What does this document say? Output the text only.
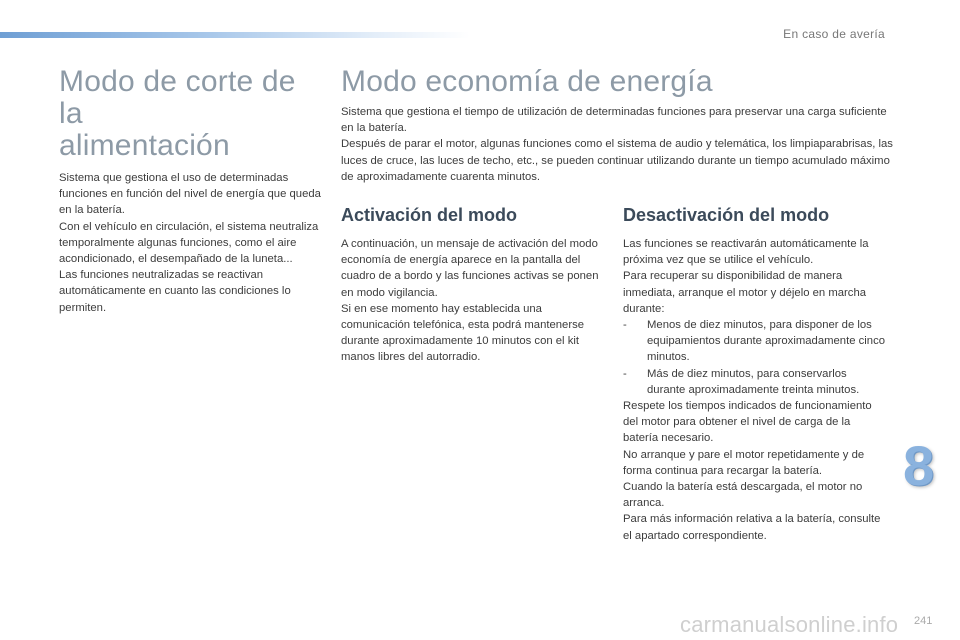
En caso de avería
Modo de corte de la
alimentación

Sistema que gestiona el uso de determinadas funciones en función del nivel de energía que queda en la batería.

Con el vehículo en circulación, el sistema neutraliza temporalmente algunas funciones, como el aire acondicionado, el desempañado de la luneta...

Las funciones neutralizadas se reactivan automáticamente en cuanto las condiciones lo permiten.

Modo economía de energía

Sistema que gestiona el tiempo de utilización de determinadas funciones para preservar una carga suficiente en la batería.

Después de parar el motor, algunas funciones como el sistema de audio y telemática, los limpiaparabrisas, las luces de cruce, las luces de techo, etc., se pueden continuar utilizando durante un tiempo acumulado máximo de aproximadamente cuarenta minutos.

Activación del modo

A continuación, un mensaje de activación del modo economía de energía aparece en la pantalla del cuadro de a bordo y las funciones activas se ponen en modo vigilancia.

Si en ese momento hay establecida una comunicación telefónica, esta podrá mantenerse durante aproximadamente 10 minutos con el kit manos libres del autorradio.

Desactivación del modo

Las funciones se reactivarán automáticamente la próxima vez que se utilice el vehículo.

Para recuperar su disponibilidad de manera inmediata, arranque el motor y déjelo en marcha durante:

-	Menos de diez minutos, para disponer de los equipamientos durante aproximadamente cinco minutos.
-	Más de diez minutos, para conservarlos durante aproximadamente treinta minutos.

Respete los tiempos indicados de funcionamiento del motor para obtener el nivel de carga de la batería necesario.

No arranque y pare el motor repetidamente y de forma continua para recargar la batería.

Cuando la batería está descargada, el motor no arranca.

Para más información relativa a la batería, consulte el apartado correspondiente.

8
carmanualsonline.info 241
